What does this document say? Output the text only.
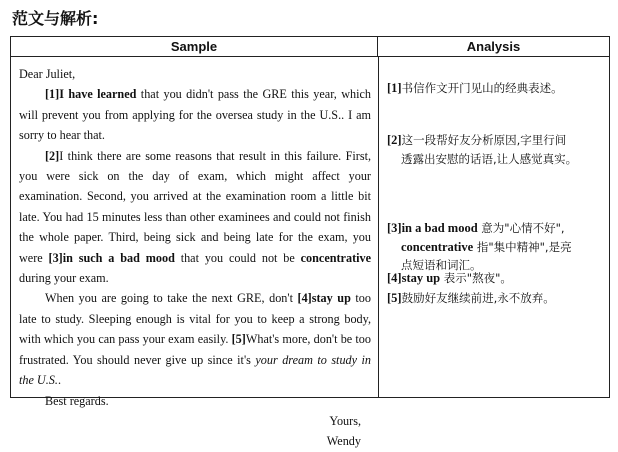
范文与解析:
Sample	Analysis

Dear Juliet,

[1]I have learned that you didn't pass the GRE this year, which will prevent you from applying for the oversea study in the U.S.. I am sorry to hear that.

[2]I think there are some reasons that result in this failure. First, you were sick on the day of exam, which might affect your examination. Second, you arrived at the examination room a little bit late. You had 15 minutes less than other examinees and could not finish the whole paper. Third, being sick and being late for the exam, you were [3]in such a bad mood that you could not be concentrative during your exam.

When you are going to take the next GRE, don't [4]stay up too late to study. Sleeping enough is vital for you to keep a strong body, with which you can pass your exam easily. [5]What's more, don't be too frustrated. You should never give up since it's your dream to study in the U.S..

Best regards.

Yours,

Wendy

[1]书信作文开门见山的经典表述。
[2]这一段帮好友分析原因,字里行间
透露出安慰的话语,让人感觉真实。
[3]in a bad mood 意为"心情不好",
concentrative 指"集中精神",是亮
点短语和词汇。
[4]stay up 表示"熬夜"。
[5]鼓励好友继续前进,永不放弃。
